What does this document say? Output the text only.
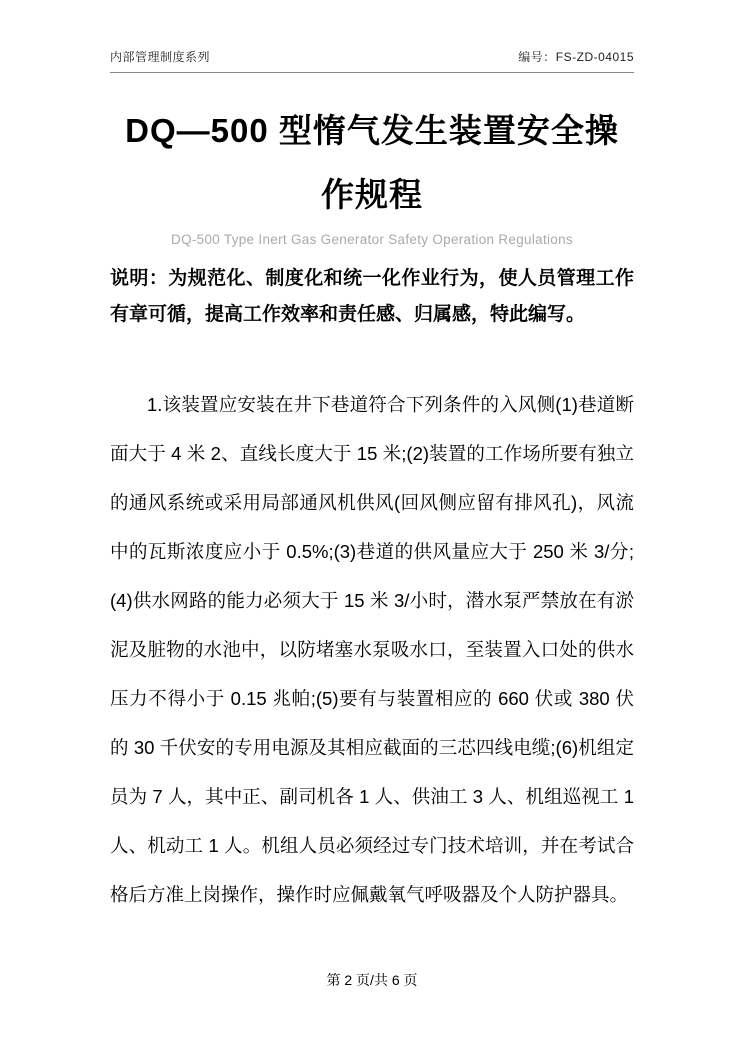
内部管理制度系列	编号：FS-ZD-04015
DQ—500 型惰气发生装置安全操作规程
DQ-500 Type Inert Gas Generator Safety Operation Regulations
说明：为规范化、制度化和统一化作业行为，使人员管理工作有章可循，提高工作效率和责任感、归属感，特此编写。

1.该装置应安装在井下巷道符合下列条件的入风侧(1)巷道断面大于 4 米 2、直线长度大于 15 米;(2)装置的工作场所要有独立的通风系统或采用局部通风机供风(回风侧应留有排风孔)，风流中的瓦斯浓度应小于 0.5%;(3)巷道的供风量应大于 250 米 3/分;(4)供水网路的能力必须大于 15 米 3/小时，潜水泵严禁放在有淤泥及脏物的水池中，以防堵塞水泵吸水口，至装置入口处的供水压力不得小于 0.15 兆帕;(5)要有与装置相应的 660 伏或 380 伏的 30 千伏安的专用电源及其相应截面的三芯四线电缆;(6)机组定员为 7 人，其中正、副司机各 1 人、供油工 3 人、机组巡视工 1 人、机动工 1 人。机组人员必须经过专门技术培训，并在考试合格后方准上岗操作，操作时应佩戴氧气呼吸器及个人防护器具。

第 2 页/共 6 页
